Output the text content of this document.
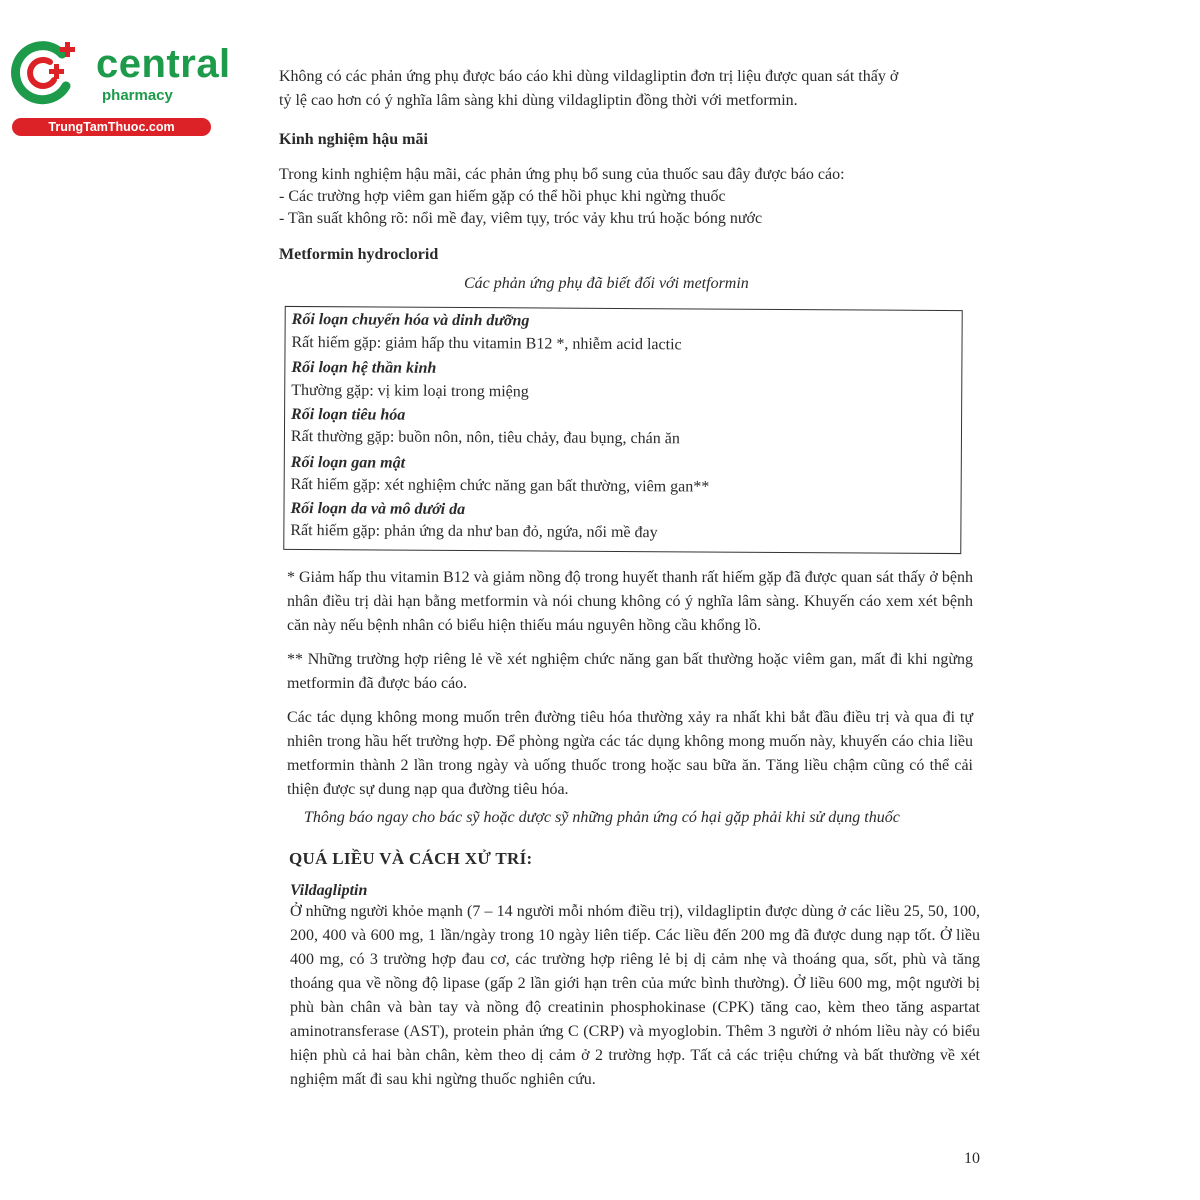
central
pharmacy
TrungTamThuoc.com
Không có các phản ứng phụ được báo cáo khi dùng vildagliptin đơn trị liệu được quan sát thấy ở
tỷ lệ cao hơn có ý nghĩa lâm sàng khi dùng vildagliptin đồng thời với metformin.
Kinh nghiệm hậu mãi
Trong kinh nghiệm hậu mãi, các phản ứng phụ bổ sung của thuốc sau đây được báo cáo:
- Các trường hợp viêm gan hiếm gặp có thể hồi phục khi ngừng thuốc
- Tần suất không rõ: nổi mề đay, viêm tụy, tróc vảy khu trú hoặc bóng nước
Metformin hydroclorid
Các phản ứng phụ đã biết đối với metformin
Rối loạn chuyển hóa và dinh dưỡng
Rất hiếm gặp: giảm hấp thu vitamin B12 *, nhiễm acid lactic
Rối loạn hệ thần kinh
Thường gặp: vị kim loại trong miệng
Rối loạn tiêu hóa
Rất thường gặp: buồn nôn, nôn, tiêu chảy, đau bụng, chán ăn
Rối loạn gan mật
Rất hiếm gặp: xét nghiệm chức năng gan bất thường, viêm gan**
Rối loạn da và mô dưới da
Rất hiếm gặp: phản ứng da như ban đỏ, ngứa, nổi mề đay
* Giảm hấp thu vitamin B12 và giảm nồng độ trong huyết thanh rất hiếm gặp đã được quan sát thấy ở bệnh nhân điều trị dài hạn bằng metformin và nói chung không có ý nghĩa lâm sàng. Khuyến cáo xem xét bệnh căn này nếu bệnh nhân có biểu hiện thiếu máu nguyên hồng cầu khổng lồ.
** Những trường hợp riêng lẻ về xét nghiệm chức năng gan bất thường hoặc viêm gan, mất đi khi ngừng metformin đã được báo cáo.
Các tác dụng không mong muốn trên đường tiêu hóa thường xảy ra nhất khi bắt đầu điều trị và qua đi tự nhiên trong hầu hết trường hợp. Để phòng ngừa các tác dụng không mong muốn này, khuyến cáo chia liều metformin thành 2 lần trong ngày và uống thuốc trong hoặc sau bữa ăn. Tăng liều chậm cũng có thể cải thiện được sự dung nạp qua đường tiêu hóa.
Thông báo ngay cho bác sỹ hoặc dược sỹ những phản ứng có hại gặp phải khi sử dụng thuốc
QUÁ LIỀU VÀ CÁCH XỬ TRÍ:
Vildagliptin
Ở những người khỏe mạnh (7 – 14 người mỗi nhóm điều trị), vildagliptin được dùng ở các liều 25, 50, 100, 200, 400 và 600 mg, 1 lần/ngày trong 10 ngày liên tiếp. Các liều đến 200 mg đã được dung nạp tốt. Ở liều 400 mg, có 3 trường hợp đau cơ, các trường hợp riêng lẻ bị dị cảm nhẹ và thoáng qua, sốt, phù và tăng thoáng qua về nồng độ lipase (gấp 2 lần giới hạn trên của mức bình thường). Ở liều 600 mg, một người bị phù bàn chân và bàn tay và nồng độ creatinin phosphokinase (CPK) tăng cao, kèm theo tăng aspartat aminotransferase (AST), protein phản ứng C (CRP) và myoglobin. Thêm 3 người ở nhóm liều này có biểu hiện phù cả hai bàn chân, kèm theo dị cảm ở 2 trường hợp. Tất cả các triệu chứng và bất thường về xét nghiệm mất đi sau khi ngừng thuốc nghiên cứu.
10
